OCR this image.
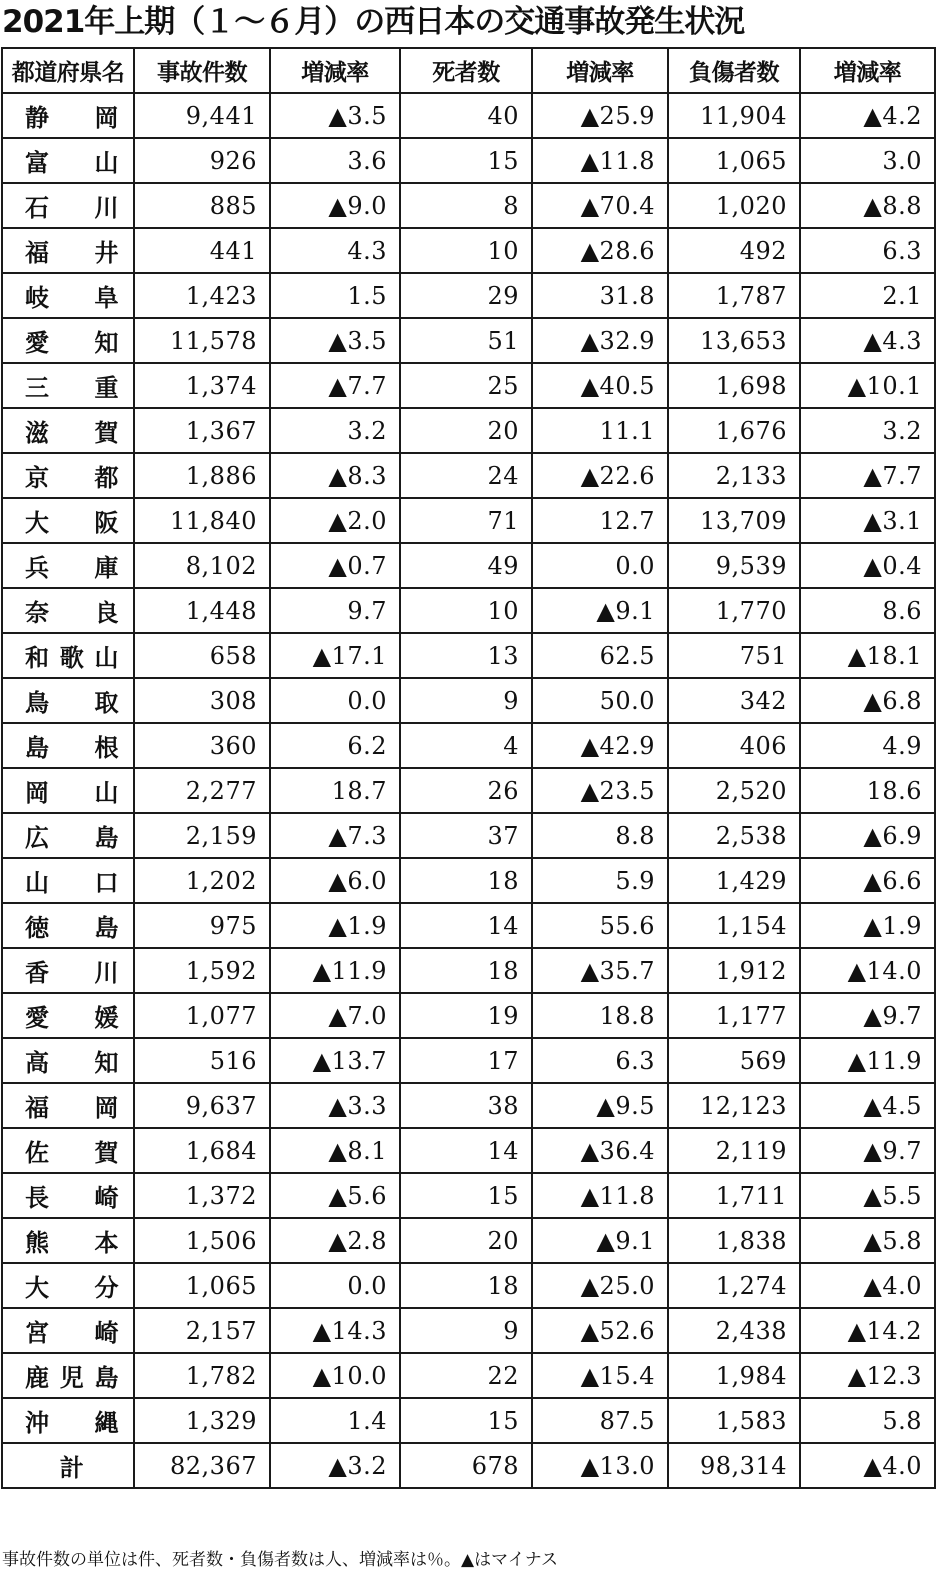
2021年上期（１〜６月）の西日本の交通事故発生状況
都道府県名	事故件数	増減率	死者数	増減率	負傷者数	増減率
静　岡	9,441	▲3.5	40	▲25.9	11,904	▲4.2
富　山	926	3.6	15	▲11.8	1,065	3.0
石　川	885	▲9.0	8	▲70.4	1,020	▲8.8
福　井	441	4.3	10	▲28.6	492	6.3
岐　阜	1,423	1.5	29	31.8	1,787	2.1
愛　知	11,578	▲3.5	51	▲32.9	13,653	▲4.3
三　重	1,374	▲7.7	25	▲40.5	1,698	▲10.1
滋　賀	1,367	3.2	20	11.1	1,676	3.2
京　都	1,886	▲8.3	24	▲22.6	2,133	▲7.7
大　阪	11,840	▲2.0	71	12.7	13,709	▲3.1
兵　庫	8,102	▲0.7	49	0.0	9,539	▲0.4
奈　良	1,448	9.7	10	▲9.1	1,770	8.6
和歌山	658	▲17.1	13	62.5	751	▲18.1
鳥　取	308	0.0	9	50.0	342	▲6.8
島　根	360	6.2	4	▲42.9	406	4.9
岡　山	2,277	18.7	26	▲23.5	2,520	18.6
広　島	2,159	▲7.3	37	8.8	2,538	▲6.9
山　口	1,202	▲6.0	18	5.9	1,429	▲6.6
徳　島	975	▲1.9	14	55.6	1,154	▲1.9
香　川	1,592	▲11.9	18	▲35.7	1,912	▲14.0
愛　媛	1,077	▲7.0	19	18.8	1,177	▲9.7
高　知	516	▲13.7	17	6.3	569	▲11.9
福　岡	9,637	▲3.3	38	▲9.5	12,123	▲4.5
佐　賀	1,684	▲8.1	14	▲36.4	2,119	▲9.7
長　崎	1,372	▲5.6	15	▲11.8	1,711	▲5.5
熊　本	1,506	▲2.8	20	▲9.1	1,838	▲5.8
大　分	1,065	0.0	18	▲25.0	1,274	▲4.0
宮　崎	2,157	▲14.3	9	▲52.6	2,438	▲14.2
鹿児島	1,782	▲10.0	22	▲15.4	1,984	▲12.3
沖　縄	1,329	1.4	15	87.5	1,583	5.8
計	82,367	▲3.2	678	▲13.0	98,314	▲4.0
事故件数の単位は件、死者数・負傷者数は人、増減率は％。▲はマイナス
